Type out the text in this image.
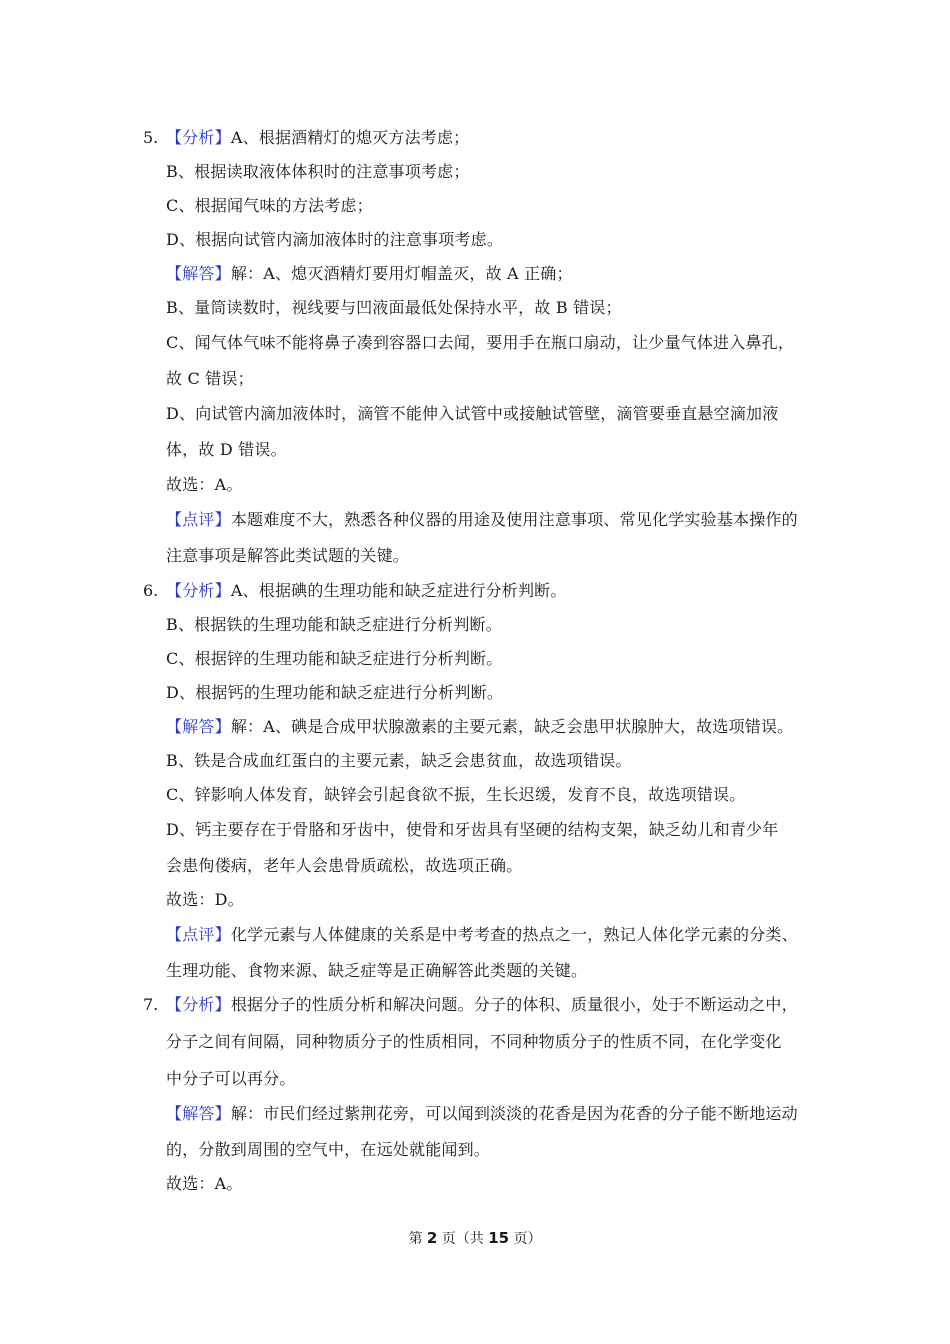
5. 【分析】A、根据酒精灯的熄灭方法考虑；
B、根据读取液体体积时的注意事项考虑；
C、根据闻气味的方法考虑；
D、根据向试管内滴加液体时的注意事项考虑。
【解答】解：A、熄灭酒精灯要用灯帽盖灭，故 A 正确；
B、量筒读数时，视线要与凹液面最低处保持水平，故 B 错误；
C、闻气体气味不能将鼻子凑到容器口去闻，要用手在瓶口扇动，让少量气体进入鼻孔，
故 C 错误；
D、向试管内滴加液体时，滴管不能伸入试管中或接触试管壁，滴管要垂直悬空滴加液
体，故 D 错误。
故选：A。
【点评】本题难度不大，熟悉各种仪器的用途及使用注意事项、常见化学实验基本操作的
注意事项是解答此类试题的关键。
6. 【分析】A、根据碘的生理功能和缺乏症进行分析判断。
B、根据铁的生理功能和缺乏症进行分析判断。
C、根据锌的生理功能和缺乏症进行分析判断。
D、根据钙的生理功能和缺乏症进行分析判断。
【解答】解：A、碘是合成甲状腺激素的主要元素，缺乏会患甲状腺肿大，故选项错误。
B、铁是合成血红蛋白的主要元素，缺乏会患贫血，故选项错误。
C、锌影响人体发育，缺锌会引起食欲不振，生长迟缓，发育不良，故选项错误。
D、钙主要存在于骨胳和牙齿中，使骨和牙齿具有坚硬的结构支架，缺乏幼儿和青少年
会患佝偻病，老年人会患骨质疏松，故选项正确。
故选：D。
【点评】化学元素与人体健康的关系是中考考查的热点之一，熟记人体化学元素的分类、
生理功能、食物来源、缺乏症等是正确解答此类题的关键。
7. 【分析】根据分子的性质分析和解决问题。分子的体积、质量很小，处于不断运动之中，
分子之间有间隔，同种物质分子的性质相同，不同种物质分子的性质不同，在化学变化
中分子可以再分。
【解答】解：市民们经过紫荆花旁，可以闻到淡淡的花香是因为花香的分子能不断地运动
的，分散到周围的空气中，在远处就能闻到。
故选：A。
第 2 页（共 15 页）
